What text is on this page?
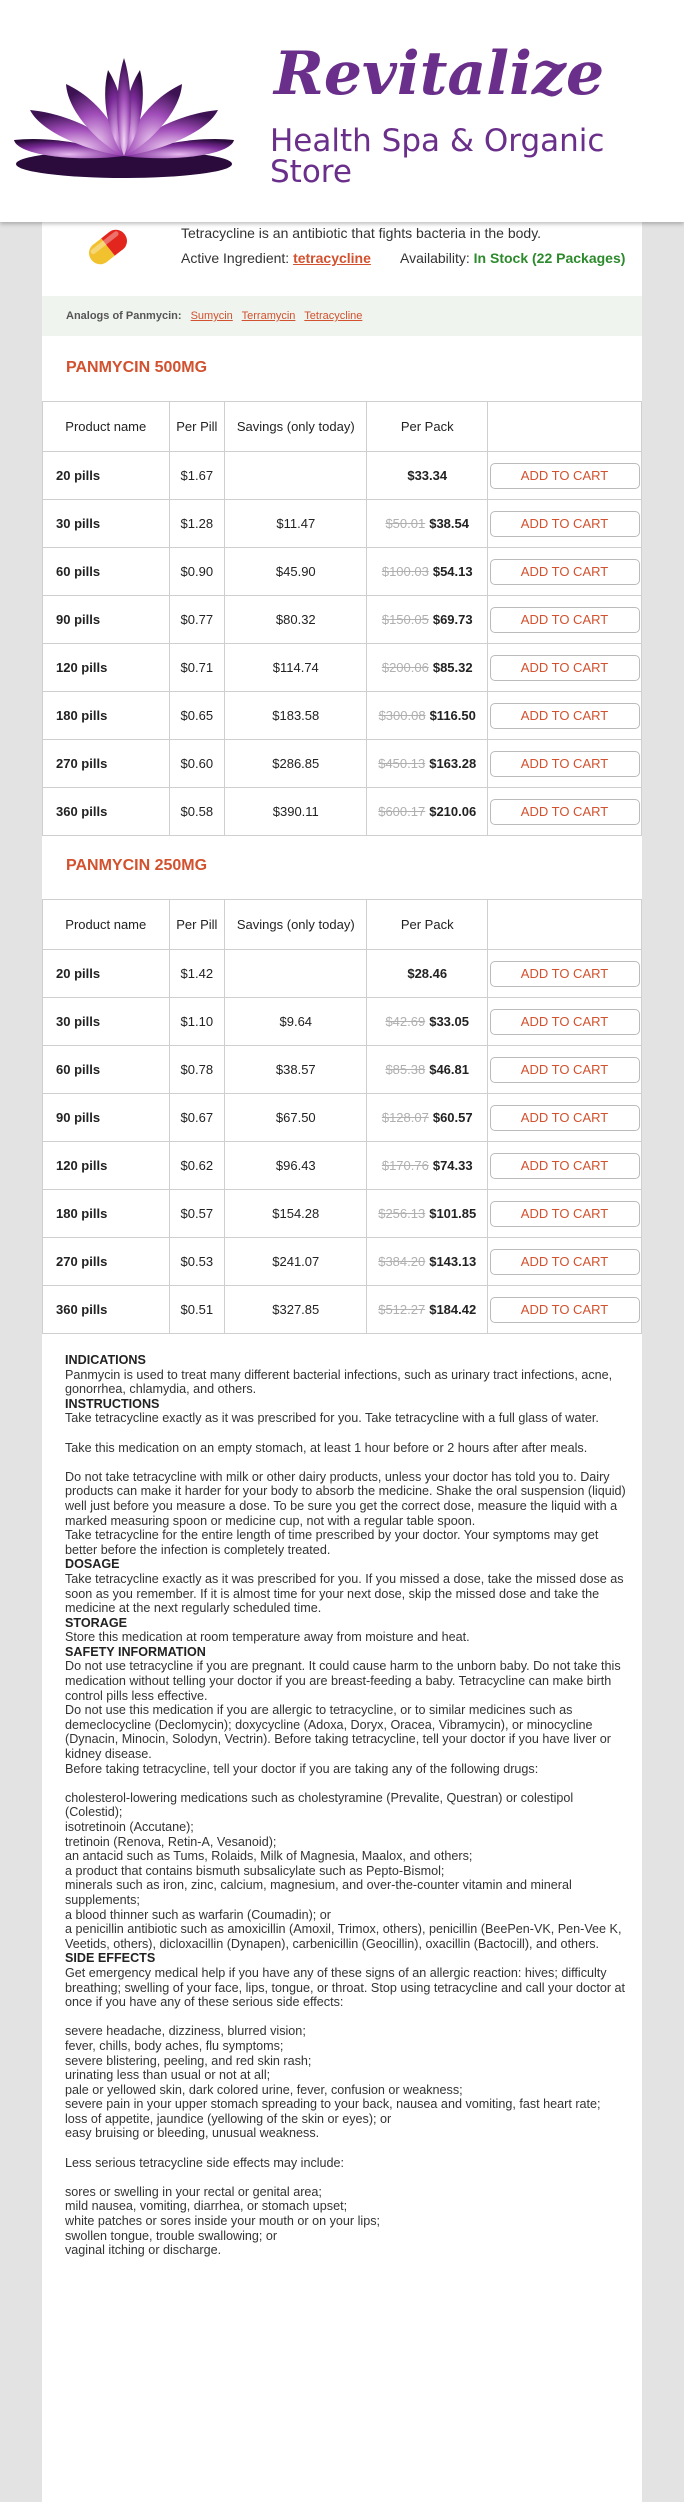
Revitalize
Health Spa & Organic Store
Tetracycline is an antibiotic that fights bacteria in the body.
Active Ingredient: tetracycline Availability: In Stock (22 Packages)
Analogs of Panmycin: Sumycin Terramycin Tetracycline
PANMYCIN 500MG
Product name	Per Pill	Savings (only today)	Per Pack	
20 pills	$1.67		$33.34	ADD TO CART
30 pills	$1.28	$11.47	$50.01 $38.54	ADD TO CART
60 pills	$0.90	$45.90	$100.03 $54.13	ADD TO CART
90 pills	$0.77	$80.32	$150.05 $69.73	ADD TO CART
120 pills	$0.71	$114.74	$200.06 $85.32	ADD TO CART
180 pills	$0.65	$183.58	$300.08 $116.50	ADD TO CART
270 pills	$0.60	$286.85	$450.13 $163.28	ADD TO CART
360 pills	$0.58	$390.11	$600.17 $210.06	ADD TO CART
PANMYCIN 250MG
Product name	Per Pill	Savings (only today)	Per Pack	
20 pills	$1.42		$28.46	ADD TO CART
30 pills	$1.10	$9.64	$42.69 $33.05	ADD TO CART
60 pills	$0.78	$38.57	$85.38 $46.81	ADD TO CART
90 pills	$0.67	$67.50	$128.07 $60.57	ADD TO CART
120 pills	$0.62	$96.43	$170.76 $74.33	ADD TO CART
180 pills	$0.57	$154.28	$256.13 $101.85	ADD TO CART
270 pills	$0.53	$241.07	$384.20 $143.13	ADD TO CART
360 pills	$0.51	$327.85	$512.27 $184.42	ADD TO CART
INDICATIONS
Panmycin is used to treat many different bacterial infections, such as urinary tract infections, acne, gonorrhea, chlamydia, and others.
INSTRUCTIONS
Take tetracycline exactly as it was prescribed for you. Take tetracycline with a full glass of water.

Take this medication on an empty stomach, at least 1 hour before or 2 hours after after meals.

Do not take tetracycline with milk or other dairy products, unless your doctor has told you to. Dairy products can make it harder for your body to absorb the medicine. Shake the oral suspension (liquid) well just before you measure a dose. To be sure you get the correct dose, measure the liquid with a marked measuring spoon or medicine cup, not with a regular table spoon.
Take tetracycline for the entire length of time prescribed by your doctor. Your symptoms may get better before the infection is completely treated.
DOSAGE
Take tetracycline exactly as it was prescribed for you. If you missed a dose, take the missed dose as soon as you remember. If it is almost time for your next dose, skip the missed dose and take the medicine at the next regularly scheduled time.
STORAGE
Store this medication at room temperature away from moisture and heat.
SAFETY INFORMATION
Do not use tetracycline if you are pregnant. It could cause harm to the unborn baby. Do not take this medication without telling your doctor if you are breast-feeding a baby. Tetracycline can make birth control pills less effective.
Do not use this medication if you are allergic to tetracycline, or to similar medicines such as demeclocycline (Declomycin); doxycycline (Adoxa, Doryx, Oracea, Vibramycin), or minocycline (Dynacin, Minocin, Solodyn, Vectrin). Before taking tetracycline, tell your doctor if you have liver or kidney disease.
Before taking tetracycline, tell your doctor if you are taking any of the following drugs:

cholesterol-lowering medications such as cholestyramine (Prevalite, Questran) or colestipol (Colestid);
isotretinoin (Accutane);
tretinoin (Renova, Retin-A, Vesanoid);
an antacid such as Tums, Rolaids, Milk of Magnesia, Maalox, and others;
a product that contains bismuth subsalicylate such as Pepto-Bismol;
minerals such as iron, zinc, calcium, magnesium, and over-the-counter vitamin and mineral supplements;
a blood thinner such as warfarin (Coumadin); or
a penicillin antibiotic such as amoxicillin (Amoxil, Trimox, others), penicillin (BeePen-VK, Pen-Vee K, Veetids, others), dicloxacillin (Dynapen), carbenicillin (Geocillin), oxacillin (Bactocill), and others.
SIDE EFFECTS
Get emergency medical help if you have any of these signs of an allergic reaction: hives; difficulty breathing; swelling of your face, lips, tongue, or throat. Stop using tetracycline and call your doctor at once if you have any of these serious side effects:

severe headache, dizziness, blurred vision;
fever, chills, body aches, flu symptoms;
severe blistering, peeling, and red skin rash;
urinating less than usual or not at all;
pale or yellowed skin, dark colored urine, fever, confusion or weakness;
severe pain in your upper stomach spreading to your back, nausea and vomiting, fast heart rate;
loss of appetite, jaundice (yellowing of the skin or eyes); or
easy bruising or bleeding, unusual weakness.

Less serious tetracycline side effects may include:

sores or swelling in your rectal or genital area;
mild nausea, vomiting, diarrhea, or stomach upset;
white patches or sores inside your mouth or on your lips;
swollen tongue, trouble swallowing; or
vaginal itching or discharge.
